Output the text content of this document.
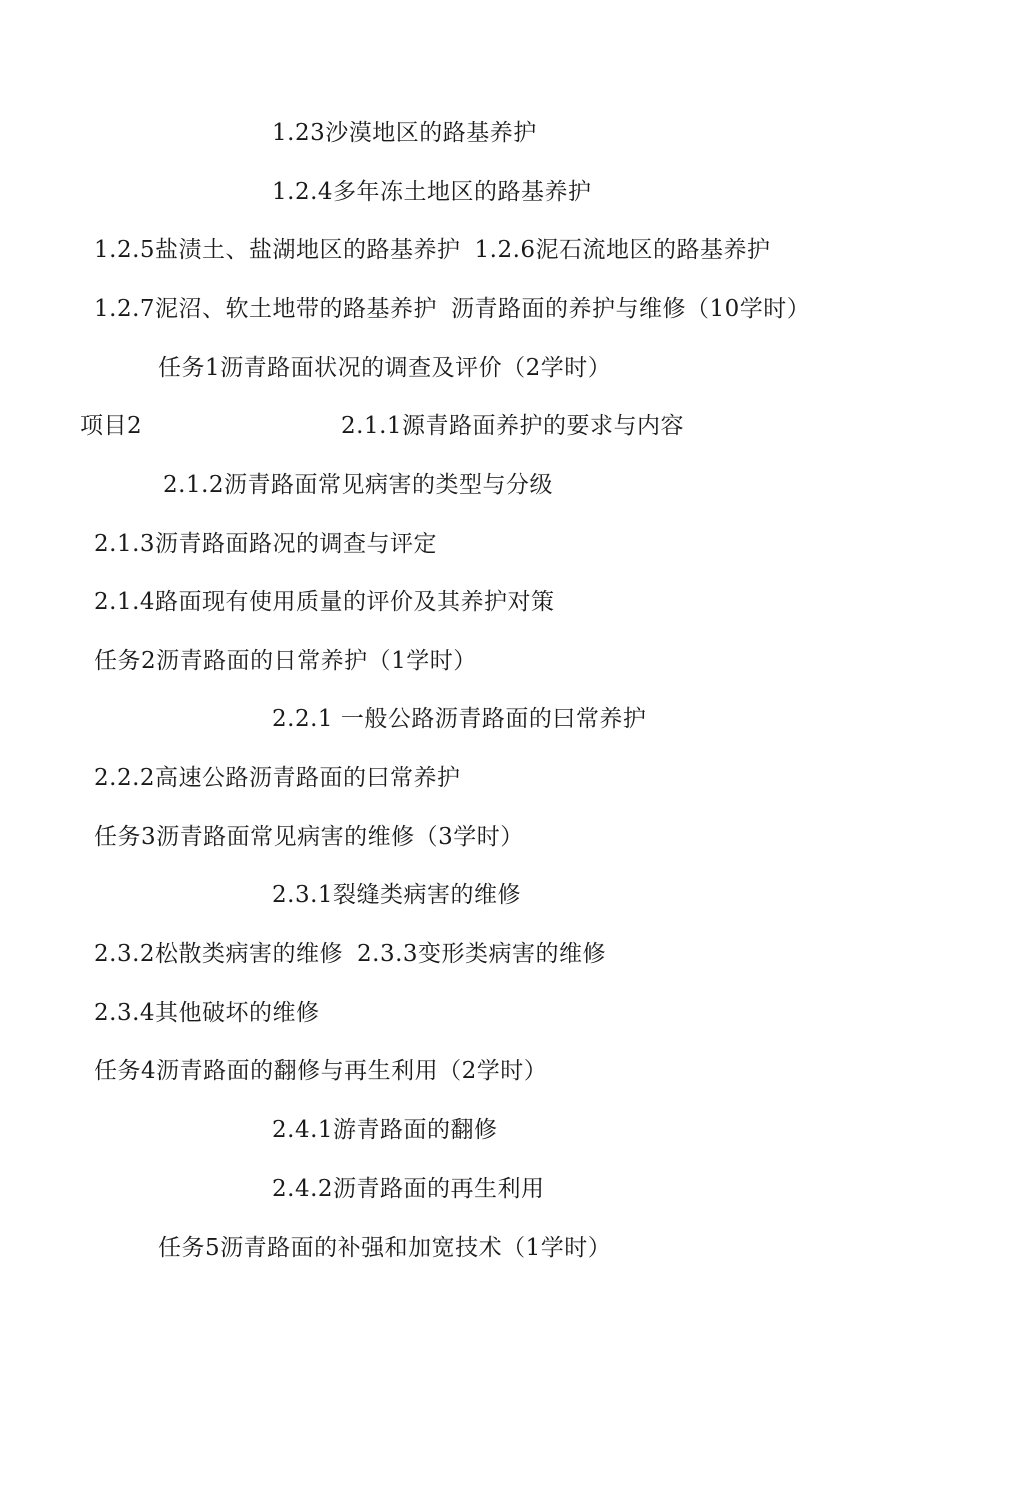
1.23沙漠地区的路基养护
1.2.4多年冻土地区的路基养护
1.2.5盐渍土、盐湖地区的路基养护 1.2.6泥石流地区的路基养护
1.2.7泥沼、软土地带的路基养护 沥青路面的养护与维修（10学时）
任务1沥青路面状况的调查及评价（2学时）
项目2	2.1.1源青路面养护的要求与内容
2.1.2沥青路面常见病害的类型与分级
2.1.3沥青路面路况的调查与评定
2.1.4路面现有使用质量的评价及其养护对策
任务2沥青路面的日常养护（1学时）
2.2.1 一般公路沥青路面的曰常养护
2.2.2高速公路沥青路面的曰常养护
任务3沥青路面常见病害的维修（3学时）
2.3.1裂缝类病害的维修
2.3.2松散类病害的维修 2.3.3变形类病害的维修
2.3.4其他破坏的维修
任务4沥青路面的翻修与再生利用（2学时）
2.4.1游青路面的翻修
2.4.2沥青路面的再生利用
任务5沥青路面的补强和加宽技术（1学时）
